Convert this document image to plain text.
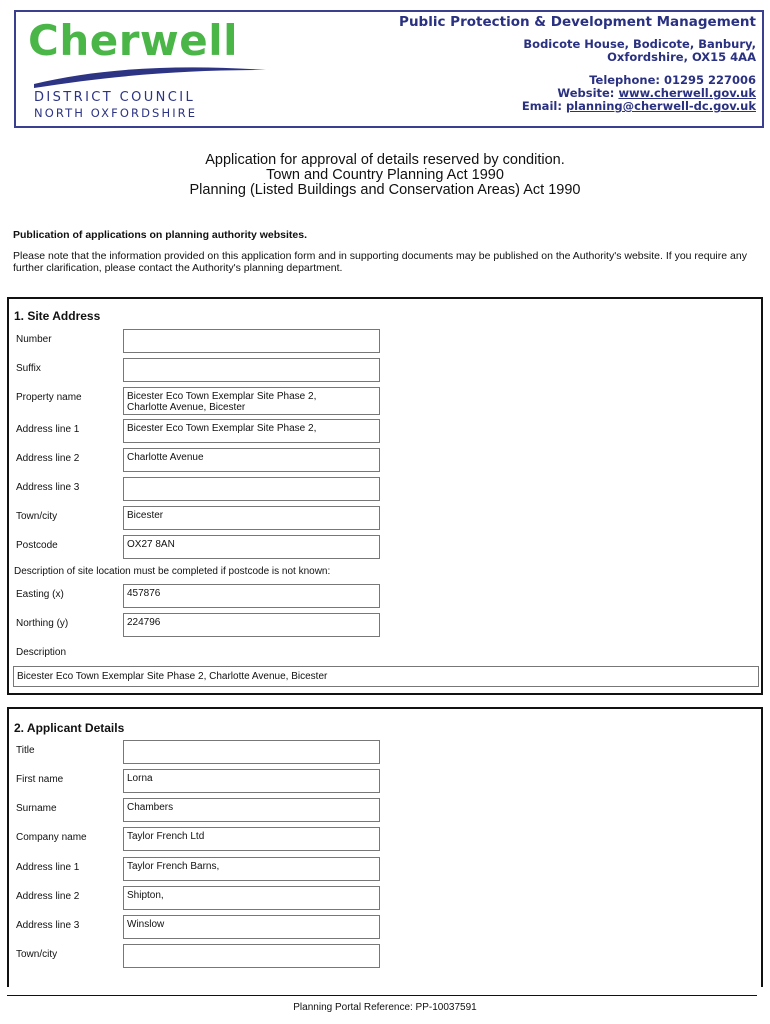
Cherwell
DISTRICT COUNCIL
NORTH OXFORDSHIRE
Public Protection & Development Management
Bodicote House, Bodicote, Banbury,
Oxfordshire, OX15 4AA
Telephone: 01295 227006
Website: www.cherwell.gov.uk
Email: planning@cherwell-dc.gov.uk
Application for approval of details reserved by condition.
Town and Country Planning Act 1990
Planning (Listed Buildings and Conservation Areas) Act 1990
Publication of applications on planning authority websites.
Please note that the information provided on this application form and in supporting documents may be published on the Authority's website. If you require any further clarification, please contact the Authority's planning department.
1. Site Address
Number
Suffix
Property name	Bicester Eco Town Exemplar Site Phase 2,
Charlotte Avenue, Bicester
Address line 1	Bicester Eco Town Exemplar Site Phase 2,
Address line 2	Charlotte Avenue
Address line 3
Town/city	Bicester
Postcode	OX27 8AN
Description of site location must be completed if postcode is not known:
Easting (x)	457876
Northing (y)	224796
Description
Bicester Eco Town Exemplar Site Phase 2, Charlotte Avenue, Bicester
2. Applicant Details
Title
First name	Lorna
Surname	Chambers
Company name	Taylor French Ltd
Address line 1	Taylor French Barns,
Address line 2	Shipton,
Address line 3	Winslow
Town/city
Planning Portal Reference: PP-10037591
